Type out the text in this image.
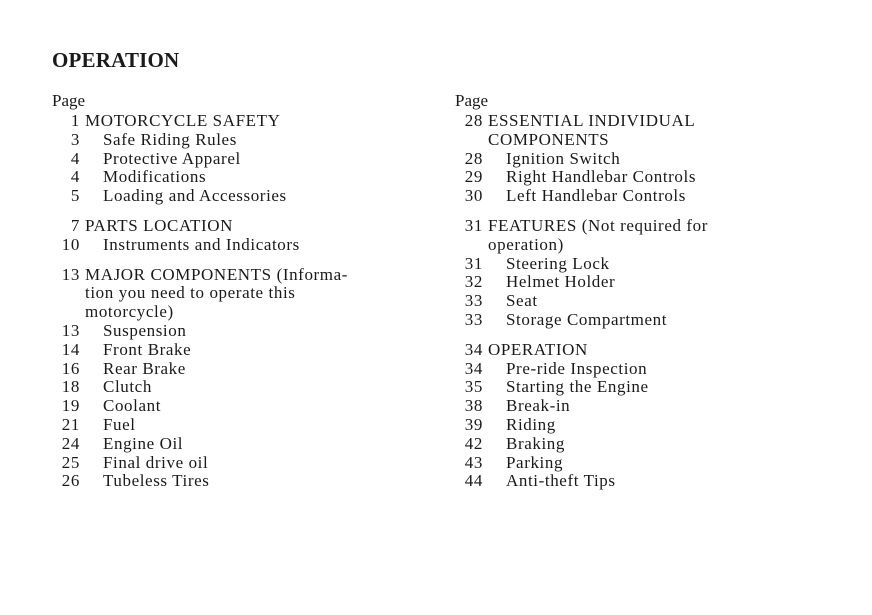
OPERATION
Page
1 MOTORCYCLE SAFETY
3 Safe Riding Rules
4 Protective Apparel
4 Modifications
5 Loading and Accessories
7 PARTS LOCATION
10 Instruments and Indicators
13 MAJOR COMPONENTS (Informa-
tion you need to operate this
motorcycle)
13 Suspension
14 Front Brake
16 Rear Brake
18 Clutch
19 Coolant
21 Fuel
24 Engine Oil
25 Final drive oil
26 Tubeless Tires
Page
28 ESSENTIAL INDIVIDUAL
COMPONENTS
28 Ignition Switch
29 Right Handlebar Controls
30 Left Handlebar Controls
31 FEATURES (Not required for
operation)
31 Steering Lock
32 Helmet Holder
33 Seat
33 Storage Compartment
34 OPERATION
34 Pre-ride Inspection
35 Starting the Engine
38 Break-in
39 Riding
42 Braking
43 Parking
44 Anti-theft Tips
